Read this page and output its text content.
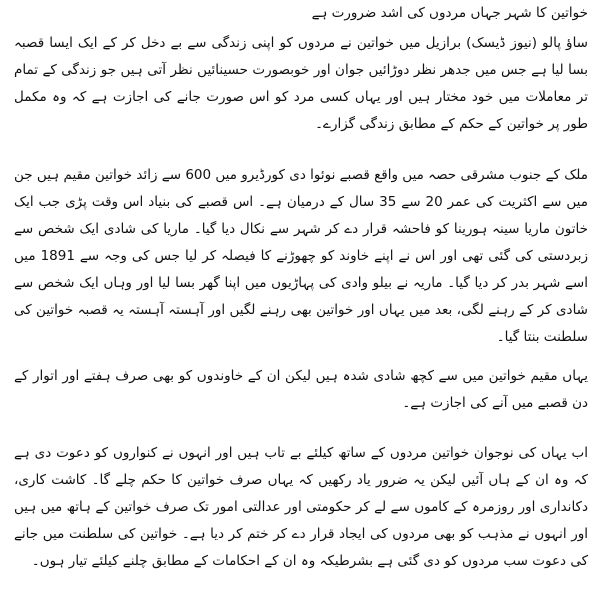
خواتین کا شہر جہاں مردوں کی اشد ضرورت ہے

ساؤ پالو (نیوز ڈیسک) برازیل میں خواتین نے مردوں کو اپنی زندگی سے بے دخل کر کے ایک ایسا قصبہ بسا لیا ہے جس میں جدھر نظر دوڑائیں جوان اور خوبصورت حسینائیں نظر آتی ہیں جو زندگی کے تمام تر معاملات میں خود مختار ہیں اور یہاں کسی مرد کو اس صورت جانے کی اجازت ہے کہ وہ مکمل طور پر خواتین کے حکم کے مطابق زندگی گزارے۔

ملک کے جنوب مشرقی حصہ میں واقع قصبے نوئوا دی کورڈیرو میں 600 سے زائد خواتین مقیم ہیں جن میں سے اکثریت کی عمر 20 سے 35 سال کے درمیان ہے۔ اس قصبے کی بنیاد اس وقت پڑی جب ایک خاتون ماریا سینہ ہورینا کو فاحشہ قرار دے کر شہر سے نکال دیا گیا۔ ماریا کی شادی ایک شخص سے زبردستی کی گئی تھی اور اس نے اپنے خاوند کو چھوڑنے کا فیصلہ کر لیا جس کی وجہ سے 1891 میں اسے شہر بدر کر دیا گیا۔ ماریہ نے بیلو وادی کی پہاڑیوں میں اپنا گھر بسا لیا اور وہاں ایک شخص سے شادی کر کے رہنے لگی، بعد میں یہاں اور خواتین بھی رہنے لگیں اور آہستہ آہستہ یہ قصبہ خواتین کی سلطنت بنتا گیا۔

یہاں مقیم خواتین میں سے کچھ شادی شدہ ہیں لیکن ان کے خاوندوں کو بھی صرف ہفتے اور اتوار کے دن قصبے میں آنے کی اجازت ہے۔

اب یہاں کی نوجوان خواتین مردوں کے ساتھ کیلئے بے تاب ہیں اور انہوں نے کنواروں کو دعوت دی ہے کہ وہ ان کے ہاں آئیں لیکن یہ ضرور یاد رکھیں کہ یہاں صرف خواتین کا حکم چلے گا۔ کاشت کاری، دکانداری اور روزمرہ کے کاموں سے لے کر حکومتی اور عدالتی امور تک صرف خواتین کے ہاتھ میں ہیں اور انہوں نے مذہب کو بھی مردوں کی ایجاد قرار دے کر ختم کر دیا ہے۔ خواتین کی سلطنت میں جانے کی دعوت سب مردوں کو دی گئی ہے بشرطیکہ وہ ان کے احکامات کے مطابق چلنے کیلئے تیار ہوں۔
